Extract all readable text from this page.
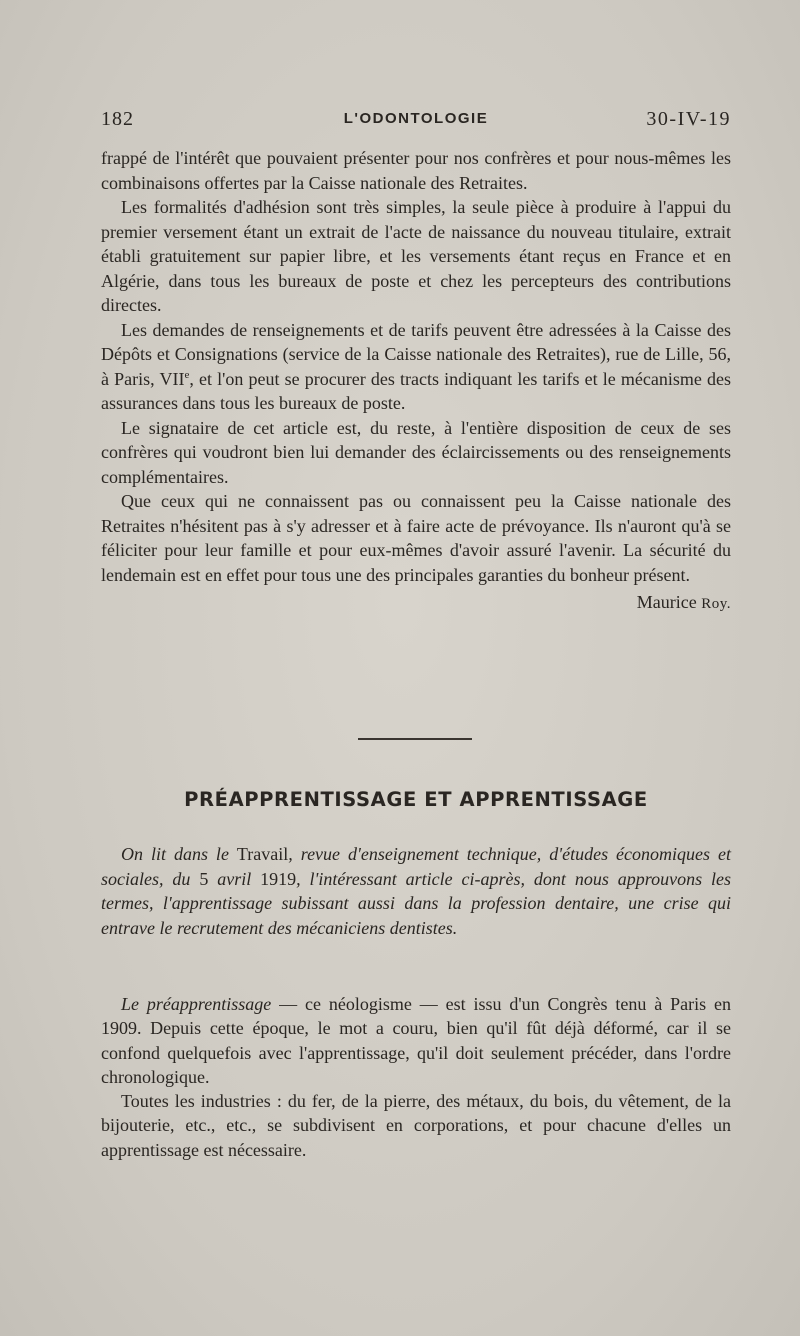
182	L'ODONTOLOGIE	30-IV-19

frappé de l'intérêt que pouvaient présenter pour nos confrères et pour nous-mêmes les combinaisons offertes par la Caisse nationale des Retraites.

Les formalités d'adhésion sont très simples, la seule pièce à produire à l'appui du premier versement étant un extrait de l'acte de naissance du nouveau titulaire, extrait établi gratuitement sur papier libre, et les versements étant reçus en France et en Algérie, dans tous les bureaux de poste et chez les percepteurs des contributions directes.

Les demandes de renseignements et de tarifs peuvent être adressées à la Caisse des Dépôts et Consignations (service de la Caisse nationale des Retraites), rue de Lille, 56, à Paris, VIIe, et l'on peut se procurer des tracts indiquant les tarifs et le mécanisme des assurances dans tous les bureaux de poste.

Le signataire de cet article est, du reste, à l'entière disposition de ceux de ses confrères qui voudront bien lui demander des éclaircissements ou des renseignements complémentaires.

Que ceux qui ne connaissent pas ou connaissent peu la Caisse nationale des Retraites n'hésitent pas à s'y adresser et à faire acte de prévoyance. Ils n'auront qu'à se féliciter pour leur famille et pour eux-mêmes d'avoir assuré l'avenir. La sécurité du lendemain est en effet pour tous une des principales garanties du bonheur présent.

Maurice Roy.
PRÉAPPRENTISSAGE ET APPRENTISSAGE

On lit dans le Travail, revue d'enseignement technique, d'études économiques et sociales, du 5 avril 1919, l'intéressant article ci-après, dont nous approuvons les termes, l'apprentissage subissant aussi dans la profession dentaire, une crise qui entrave le recrutement des mécaniciens dentistes.

Le préapprentissage — ce néologisme — est issu d'un Congrès tenu à Paris en 1909. Depuis cette époque, le mot a couru, bien qu'il fût déjà déformé, car il se confond quelquefois avec l'apprentissage, qu'il doit seulement précéder, dans l'ordre chronologique.

Toutes les industries : du fer, de la pierre, des métaux, du bois, du vêtement, de la bijouterie, etc., etc., se subdivisent en corporations, et pour chacune d'elles un apprentissage est nécessaire.
